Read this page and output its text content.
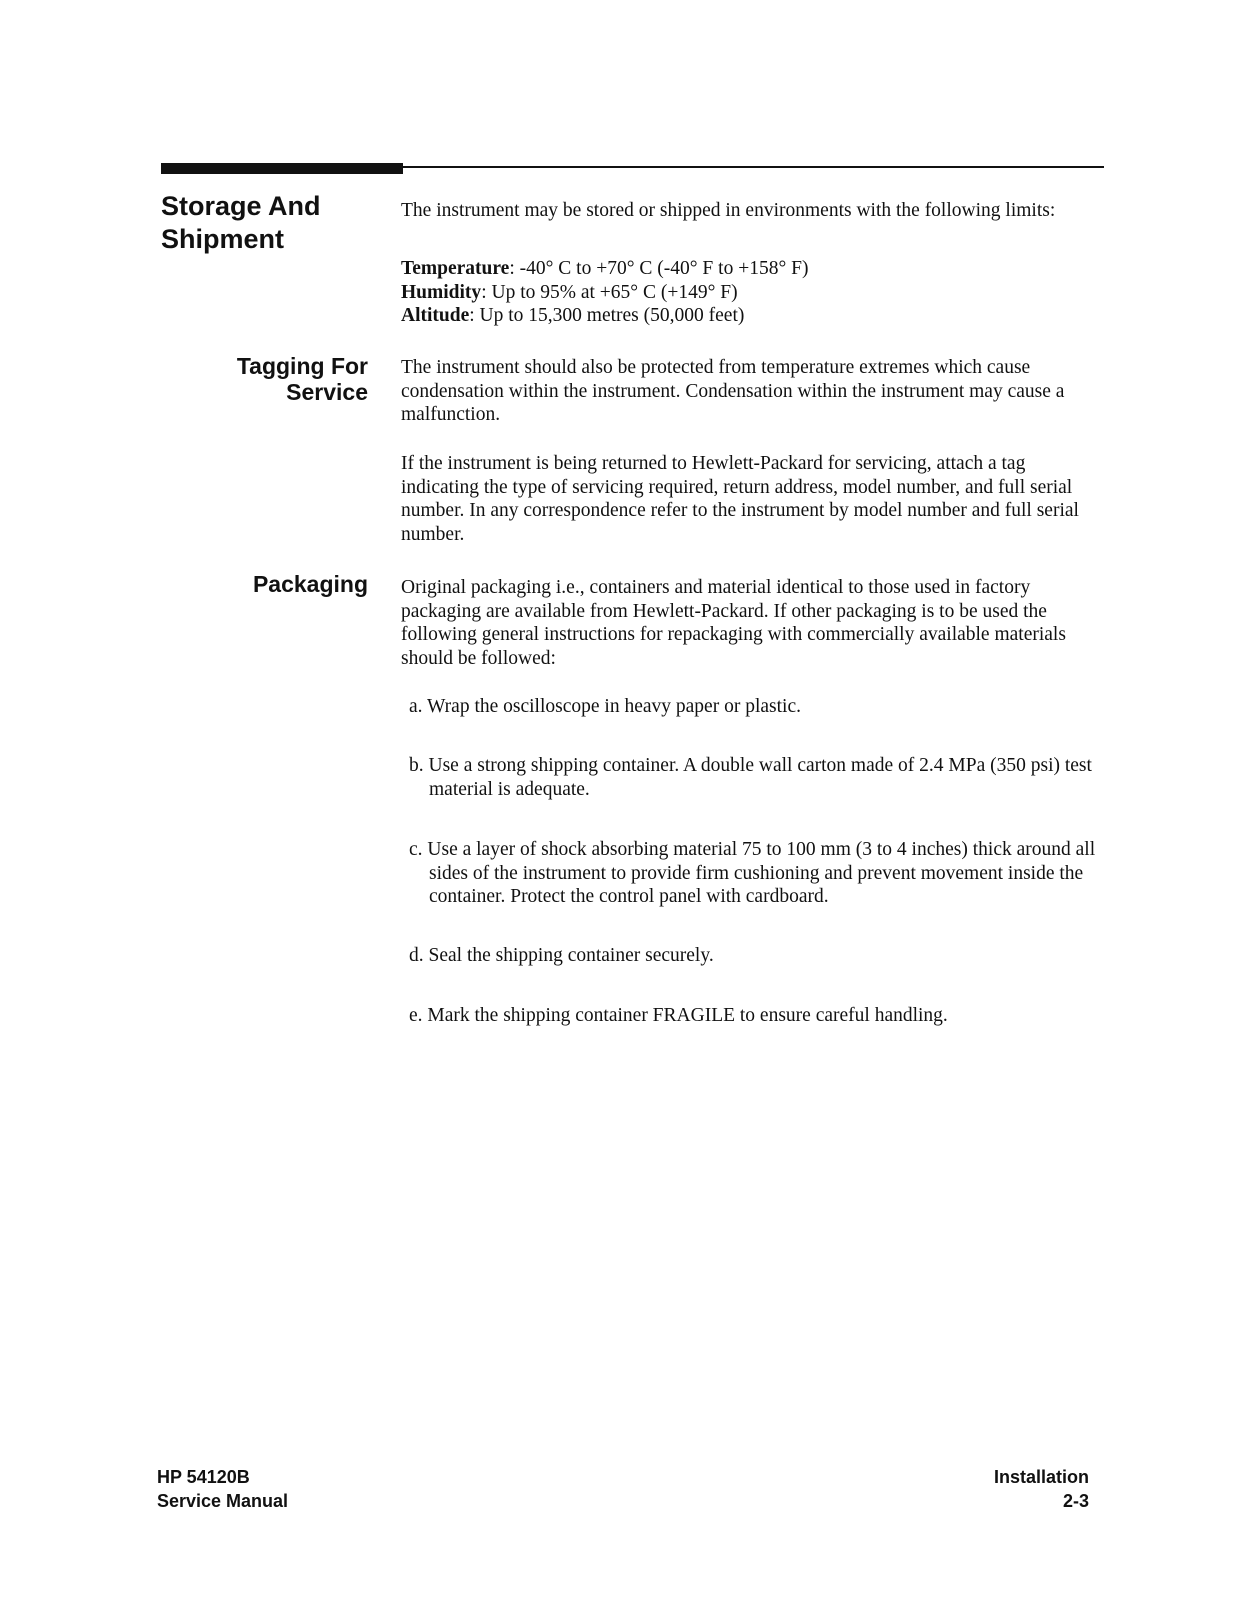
Storage And
Shipment

The instrument may be stored or shipped in environments with the following limits:

Temperature: -40° C to +70° C (-40° F to +158° F)

Humidity: Up to 95% at +65° C (+149° F)

Altitude: Up to 15,300 metres (50,000 feet)

Tagging For
Service

The instrument should also be protected from temperature extremes which cause condensation within the instrument. Condensation within the instrument may cause a malfunction.

If the instrument is being returned to Hewlett-Packard for servicing, attach a tag indicating the type of servicing required, return address, model number, and full serial number. In any correspondence refer to the instrument by model number and full serial number.

Packaging Original packaging i.e., containers and material identical to those used in factory packaging are available from Hewlett-Packard. If other packaging is to be used the following general instructions for repackaging with commercially available materials should be followed:

a. Wrap the oscilloscope in heavy paper or plastic.
b. Use a strong shipping container. A double wall carton made of 2.4 MPa (350 psi) test material is adequate.
c. Use a layer of shock absorbing material 75 to 100 mm (3 to 4 inches) thick around all sides of the instrument to provide firm cushioning and prevent movement inside the container. Protect the control panel with cardboard.
d. Seal the shipping container securely.
e. Mark the shipping container FRAGILE to ensure careful handling.
HP 54120B
Service Manual
Installation
2-3
